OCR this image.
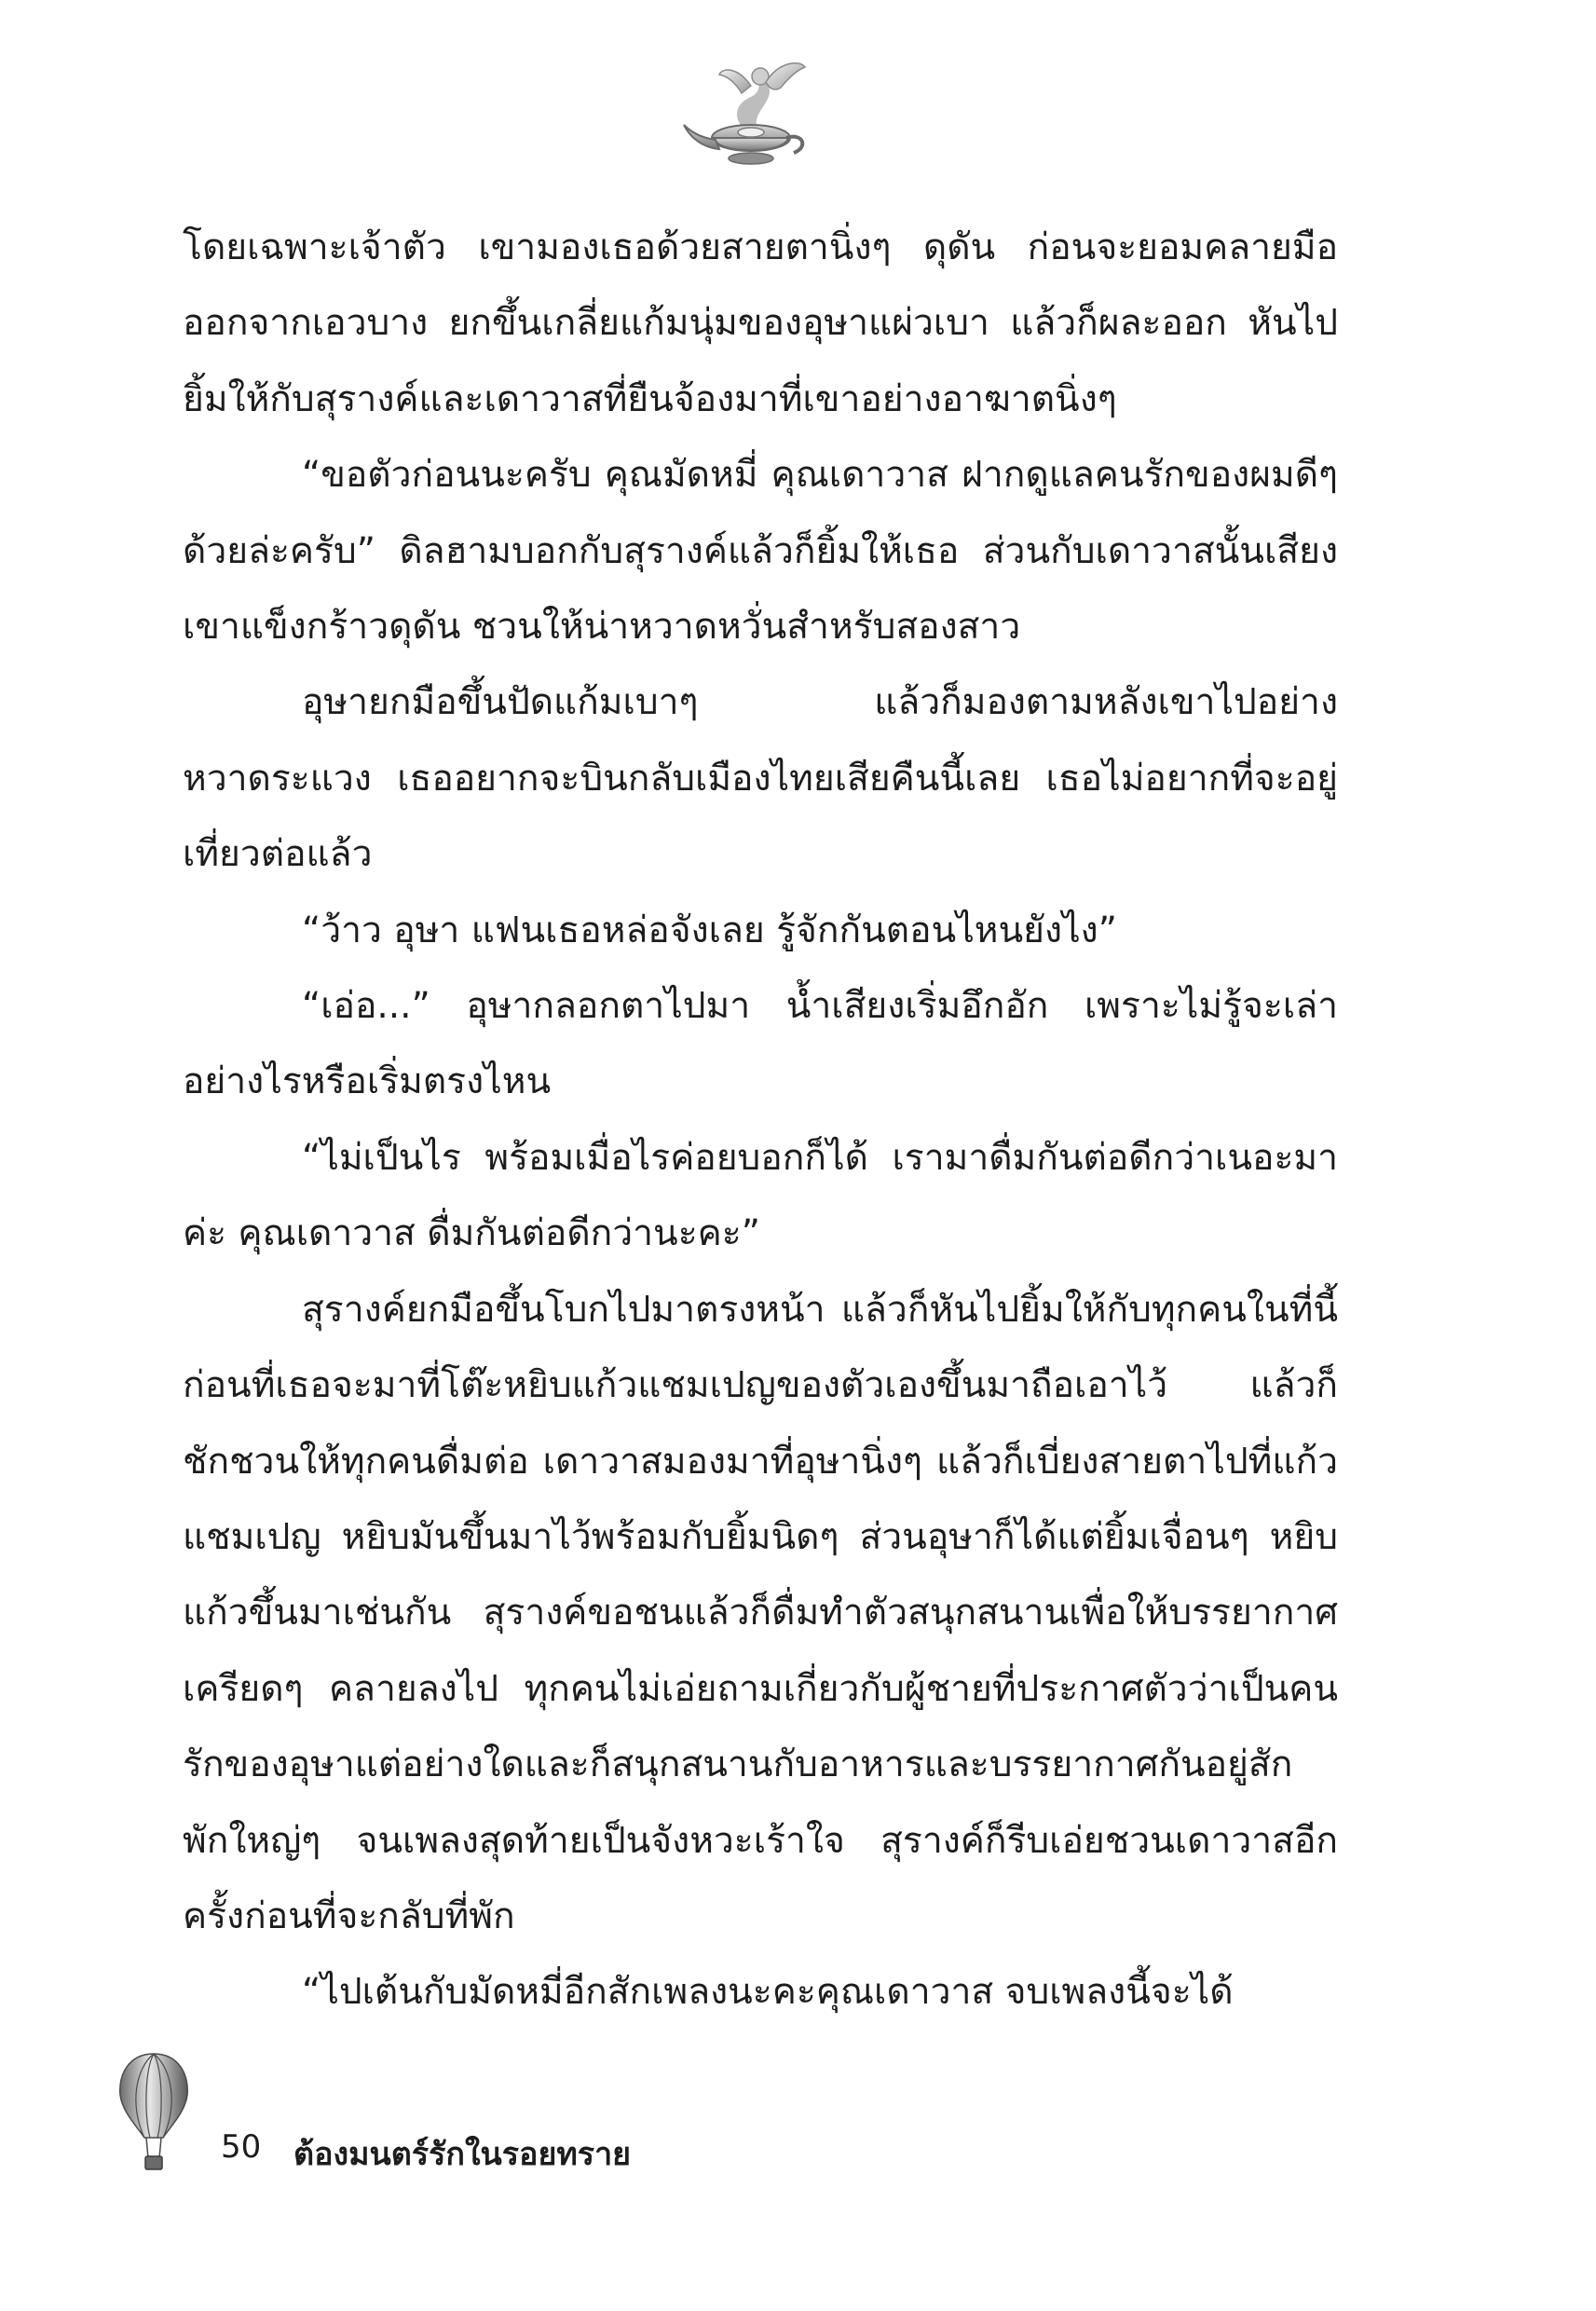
โดยเฉพาะเจ้าตัว เขามองเธอด้วยสายตานิ่งๆ ดุดัน ก่อนจะยอมคลายมือออกจากเอวบาง ยกขึ้นเกลี่ยแก้มนุ่มของอุษาแผ่วเบา แล้วก็ผละออก หันไปยิ้มให้กับสุรางค์และเดาวาสที่ยืนจ้องมาที่เขาอย่างอาฆาตนิ่งๆ

“ขอตัวก่อนนะครับ คุณมัดหมี่ คุณเดาวาส ฝากดูแลคนรักของผมดีๆ ด้วยล่ะครับ” ดิลฮามบอกกับสุรางค์แล้วก็ยิ้มให้เธอ ส่วนกับเดาวาสนั้นเสียงเขาแข็งกร้าวดุดัน ชวนให้น่าหวาดหวั่นสำหรับสองสาว

อุษายกมือขึ้นปัดแก้มเบาๆ แล้วก็มองตามหลังเขาไปอย่างหวาดระแวง เธออยากจะบินกลับเมืองไทยเสียคืนนี้เลย เธอไม่อยากที่จะอยู่เที่ยวต่อแล้ว

“ว้าว อุษา แฟนเธอหล่อจังเลย รู้จักกันตอนไหนยังไง”

“เอ่อ...” อุษากลอกตาไปมา น้ำเสียงเริ่มอึกอัก เพราะไม่รู้จะเล่าอย่างไรหรือเริ่มตรงไหน

“ไม่เป็นไร พร้อมเมื่อไรค่อยบอกก็ได้ เรามาดื่มกันต่อดีกว่าเนอะมาค่ะ คุณเดาวาส ดื่มกันต่อดีกว่านะคะ”

สุรางค์ยกมือขึ้นโบกไปมาตรงหน้า แล้วก็หันไปยิ้มให้กับทุกคนในที่นี้ ก่อนที่เธอจะมาที่โต๊ะหยิบแก้วแชมเปญของตัวเองขึ้นมาถือเอาไว้ แล้วก็ชักชวนให้ทุกคนดื่มต่อ เดาวาสมองมาที่อุษานิ่งๆ แล้วก็เบี่ยงสายตาไปที่แก้วแชมเปญ หยิบมันขึ้นมาไว้พร้อมกับยิ้มนิดๆ ส่วนอุษาก็ได้แต่ยิ้มเจื่อนๆ หยิบแก้วขึ้นมาเช่นกัน สุรางค์ขอชนแล้วก็ดื่มทำตัวสนุกสนานเพื่อให้บรรยากาศเครียดๆ คลายลงไป ทุกคนไม่เอ่ยถามเกี่ยวกับผู้ชายที่ประกาศตัวว่าเป็นคนรักของอุษาแต่อย่างใดและก็สนุกสนานกับอาหารและบรรยากาศกันอยู่สักพักใหญ่ๆ จนเพลงสุดท้ายเป็นจังหวะเร้าใจ สุรางค์ก็รีบเอ่ยชวนเดาวาสอีกครั้งก่อนที่จะกลับที่พัก

“ไปเต้นกับมัดหมี่อีกสักเพลงนะคะคุณเดาวาส จบเพลงนี้จะได้

50 ต้องมนตร์รักในรอยทราย
